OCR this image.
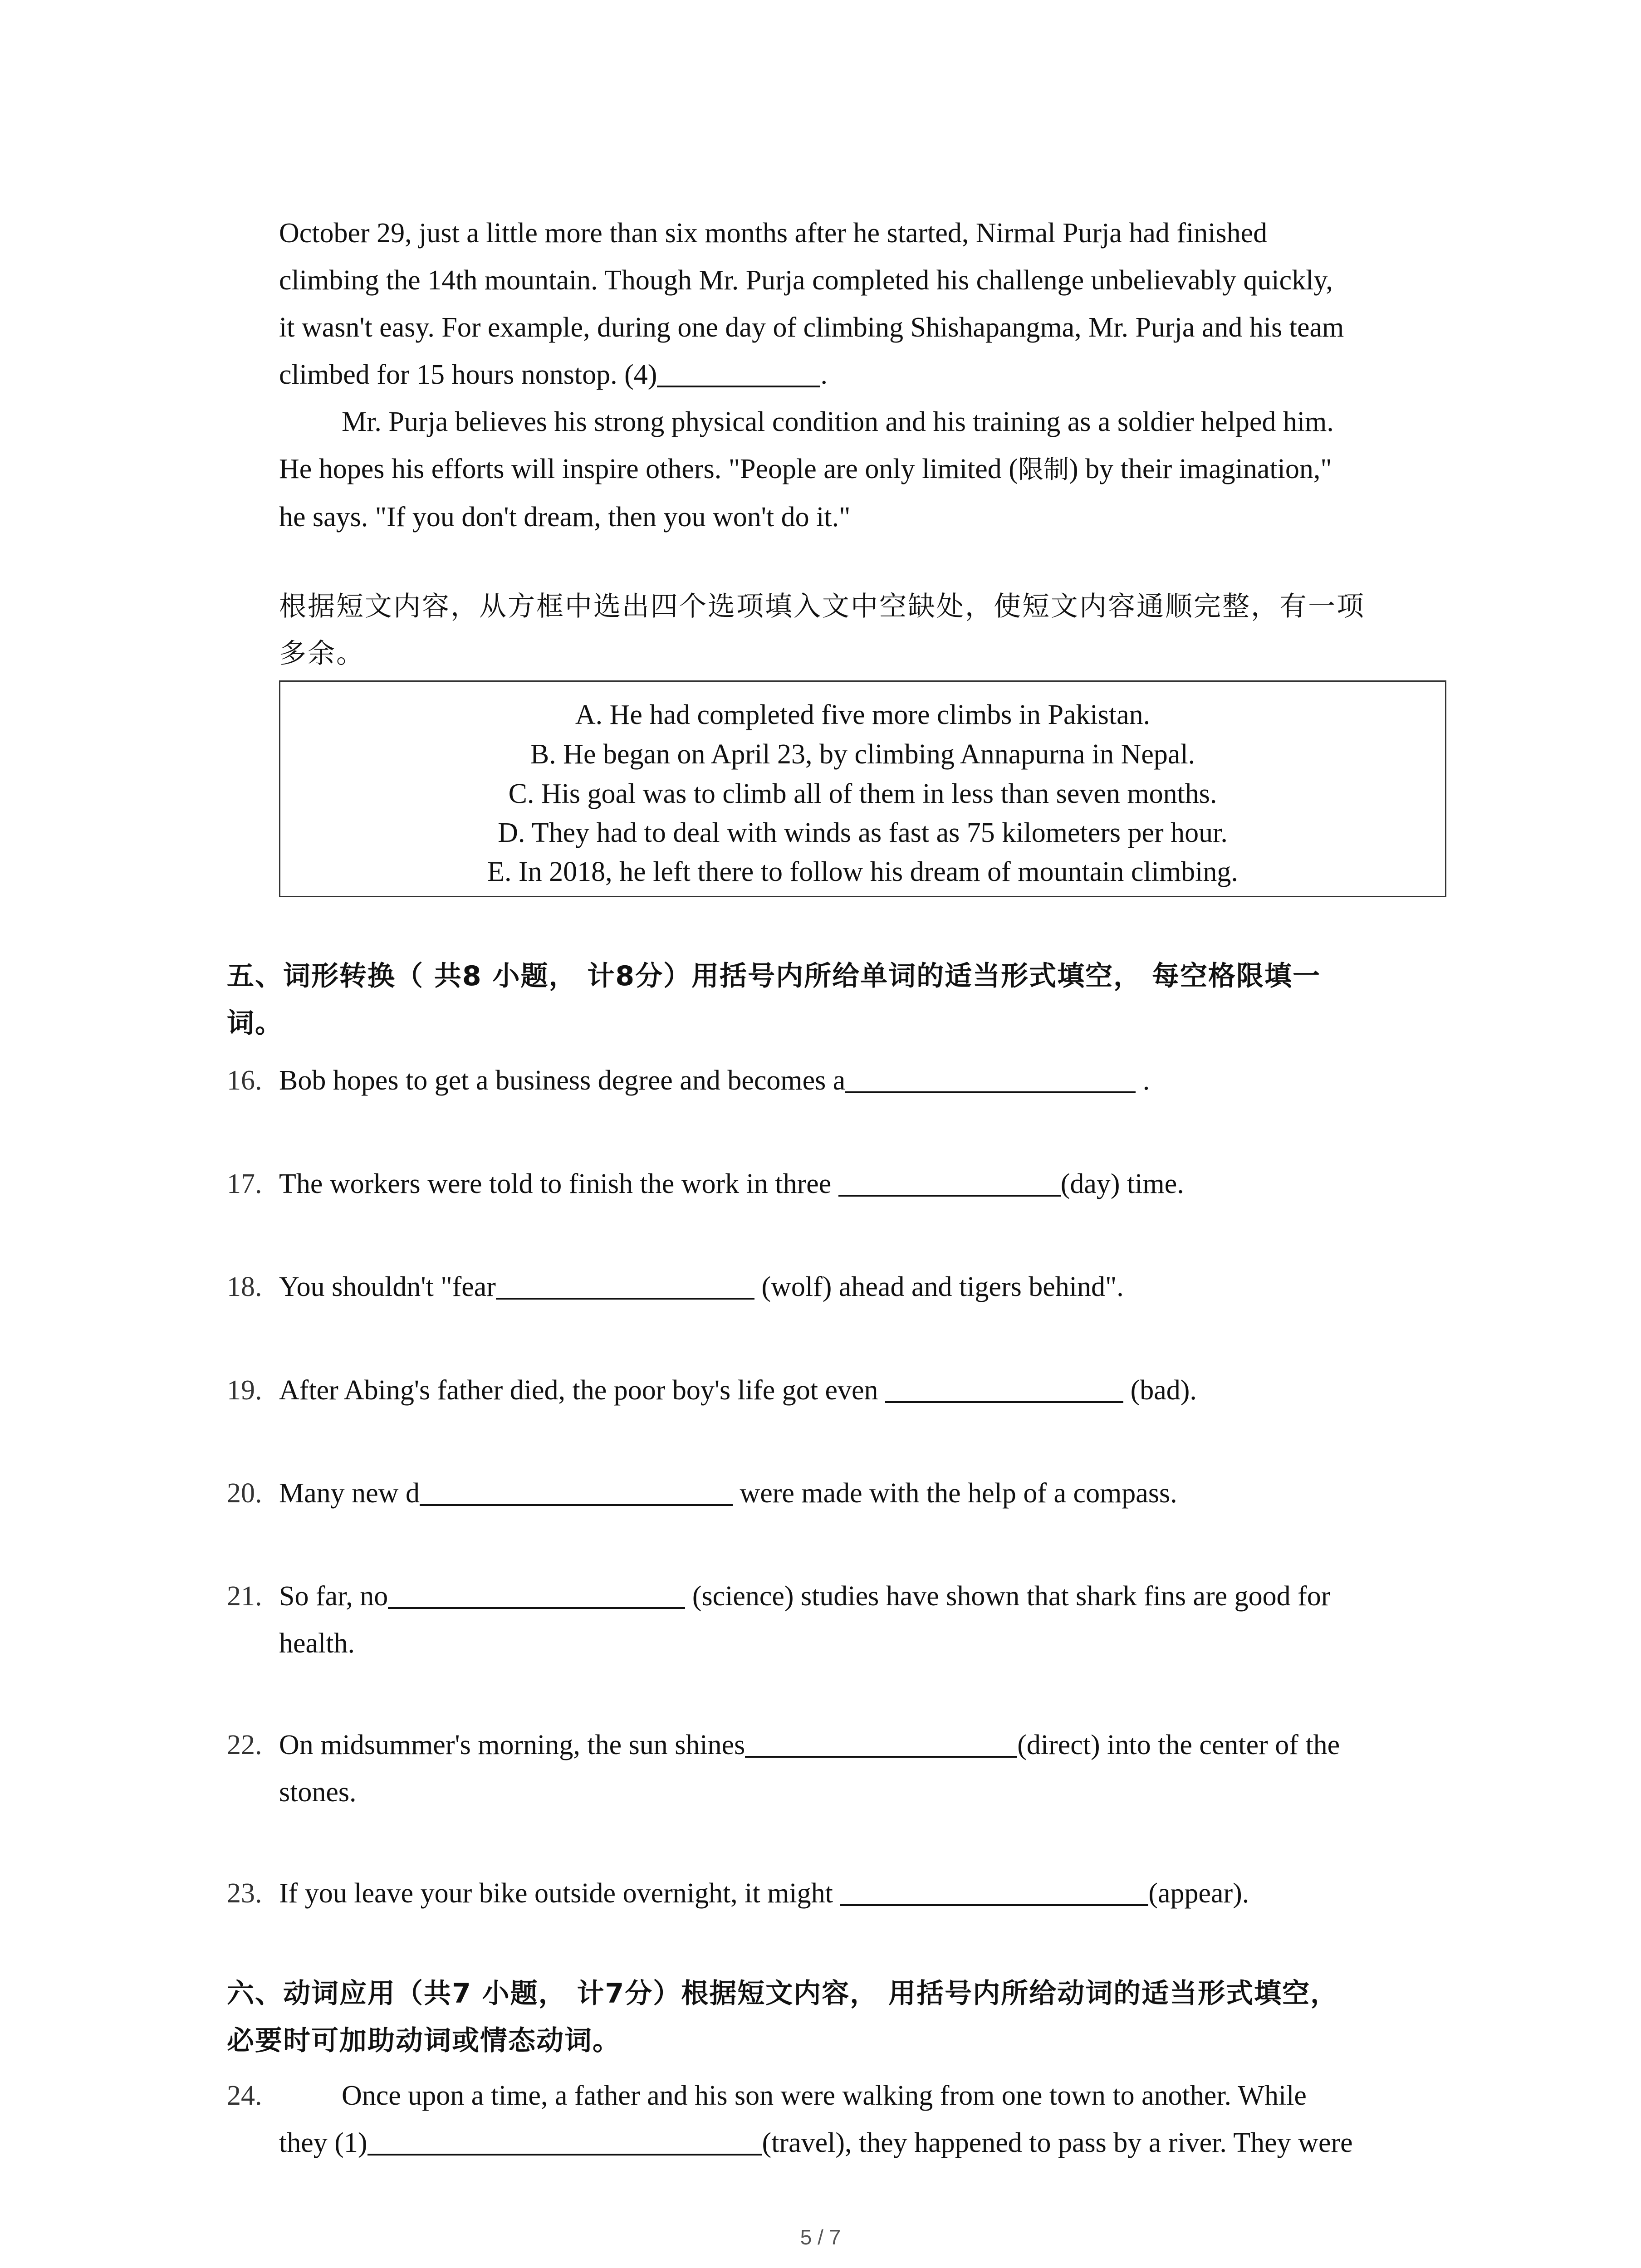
October 29, just a little more than six months after he started, Nirmal Purja had finished
climbing the 14th mountain. Though Mr. Purja completed his challenge unbelievably quickly,
it wasn't easy. For example, during one day of climbing Shishapangma, Mr. Purja and his team
climbed for 15 hours nonstop. (4)	.
Mr. Purja believes his strong physical condition and his training as a soldier helped him.
He hopes his efforts will inspire others. "People are only limited (限制) by their imagination,"
he says. "If you don't dream, then you won't do it."
根据短文内容，从方框中选出四个选项填入文中空缺处，使短文内容通顺完整，有一项
多余。
A. He had completed five more climbs in Pakistan.
B. He began on April 23, by climbing Annapurna in Nepal.
C. His goal was to climb all of them in less than seven months.
D. They had to deal with winds as fast as 75 kilometers per hour.
E. In 2018, he left there to follow his dream of mountain climbing.
五、词形转换（ 共8 小题， 计8分）用括号内所给单词的适当形式填空， 每空格限填一
词。
16. Bob hopes to get a business degree and becomes a	.
17. The workers were told to finish the work in three	(day) time.
18. You shouldn't "fear	(wolf) ahead and tigers behind".
19. After Abing's father died, the poor boy's life got even	(bad).
20. Many new d	were made with the help of a compass.
21. So far, no	(science) studies have shown that shark fins are good for
health.
22. On midsummer's morning, the sun shines	(direct) into the center of the
stones.
23. If you leave your bike outside overnight, it might	(appear).
六、动词应用（共7 小题， 计7分）根据短文内容， 用括号内所给动词的适当形式填空，
必要时可加助动词或情态动词。
24.	Once upon a time, a father and his son were walking from one town to another. While
they (1)	(travel), they happened to pass by a river. They were
5 / 7
